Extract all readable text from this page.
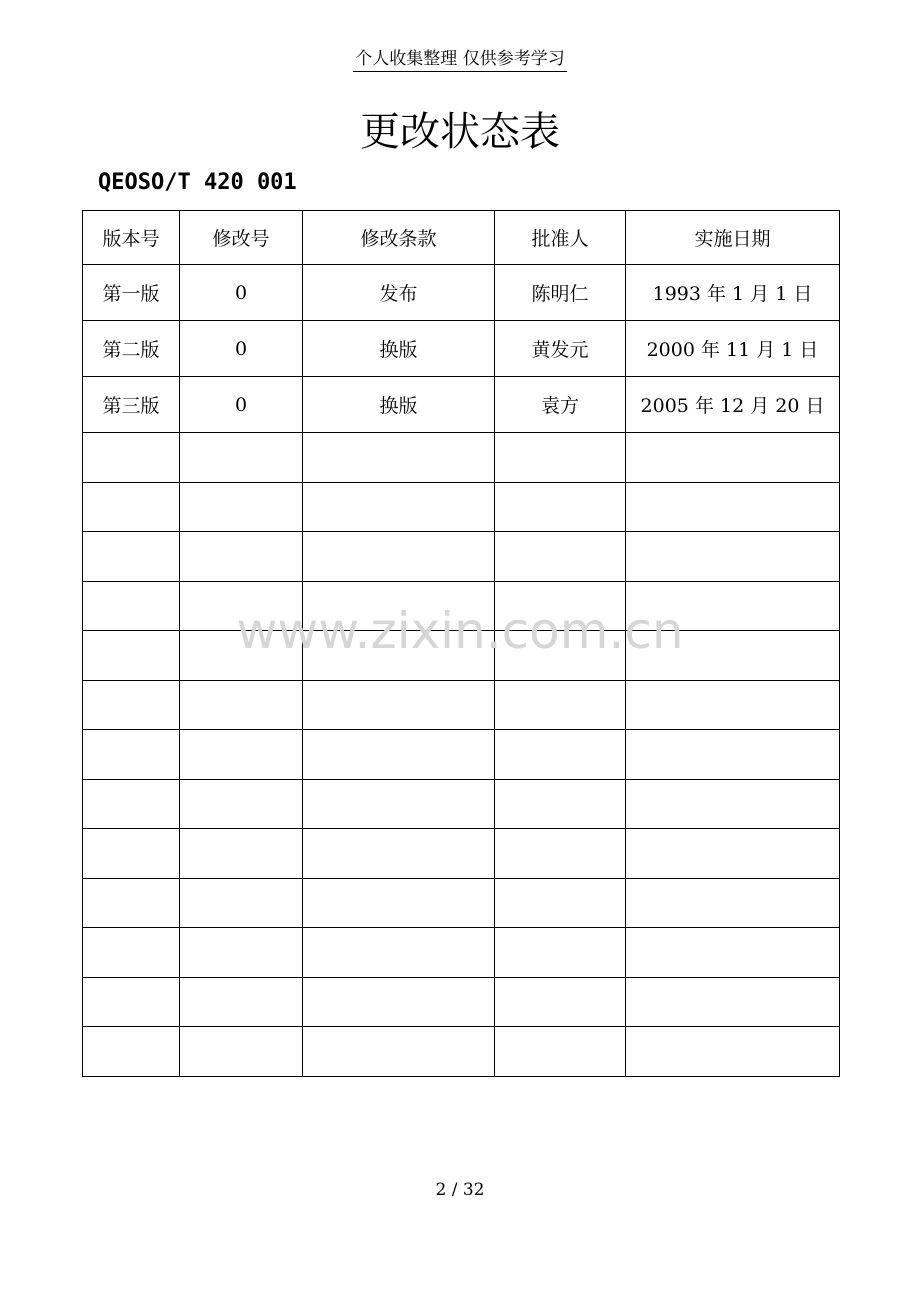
个人收集整理 仅供参考学习
更改状态表
QEOSO/T 420 001
版本号	修改号	修改条款	批准人	实施日期
第一版	0	发布	陈明仁	1993 年 1 月 1 日
第二版	0	换版	黄发元	2000 年 11 月 1 日
第三版	0	换版	袁方	2005 年 12 月 20 日

www.zixin.com.cn
2 / 32
